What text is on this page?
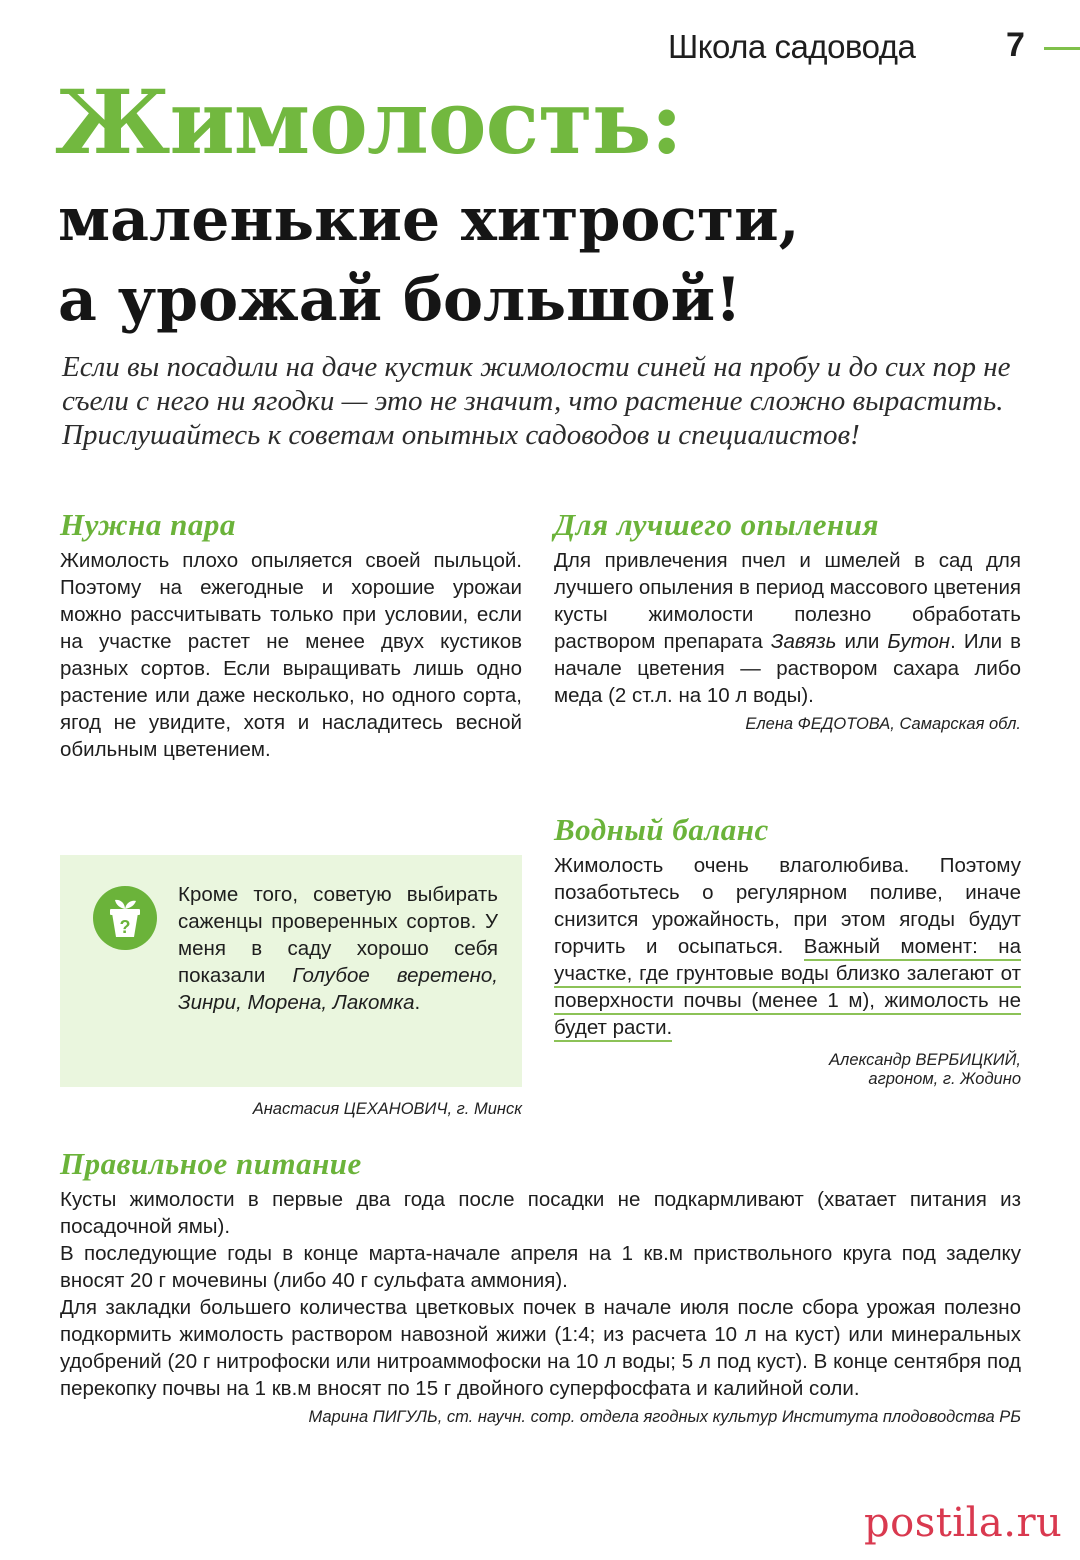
Школа садовода	7
Жимолость:
маленькие хитрости,
а урожай большой!

Если вы посадили на даче кустик жимолости синей на пробу и до сих пор не съели с него ни ягодки — это не значит, что растение сложно вырастить. Прислушайтесь к советам опытных садоводов и специалистов!

Нужна пара

Жимолость плохо опыляется своей пыльцой. Поэтому на ежегодные и хорошие урожаи можно рассчитывать только при условии, если на участке растет не менее двух кустиков разных сортов. Если выращивать лишь одно растение или даже несколько, но одного сорта, ягод не увидите, хотя и насладитесь весной обильным цветением.

?

Кроме того, советую выбирать саженцы проверенных сортов. У меня в саду хорошо себя показали Голубое веретено, Зинри, Морена, Лакомка.

Анастасия ЦЕХАНОВИЧ, г. Минск

Для лучшего опыления

Для привлечения пчел и шмелей в сад для лучшего опыления в период массового цветения кусты жимолости полезно обработать раствором препарата Завязь или Бутон. Или в начале цветения — раствором сахара либо меда (2 ст.л. на 10 л воды).

Елена ФЕДОТОВА, Самарская обл.

Водный баланс

Жимолость очень влаголюбива. Поэтому позаботьтесь о регулярном поливе, иначе снизится урожайность, при этом ягоды будут горчить и осыпаться. Важный момент: на участке, где грунтовые воды близко залегают от поверхности почвы (менее 1 м), жимолость не будет расти.

Александр ВЕРБИЦКИЙ,
агроном, г. Жодино

Правильное питание

Кусты жимолости в первые два года после посадки не подкармливают (хватает питания из посадочной ямы).

В последующие годы в конце марта-начале апреля на 1 кв.м приствольного круга под заделку вносят 20 г мочевины (либо 40 г сульфата аммония).

Для закладки большего количества цветковых почек в начале июля после сбора урожая полезно подкормить жимолость раствором навозной жижи (1:4; из расчета 10 л на куст) или минеральных удобрений (20 г нитрофоски или нитроаммофоски на 10 л воды; 5 л под куст). В конце сентября под перекопку почвы на 1 кв.м вносят по 15 г двойного суперфосфата и калийной соли.

Марина ПИГУЛЬ, ст. научн. сотр. отдела ягодных культур Института плодоводства РБ

postila.ru
